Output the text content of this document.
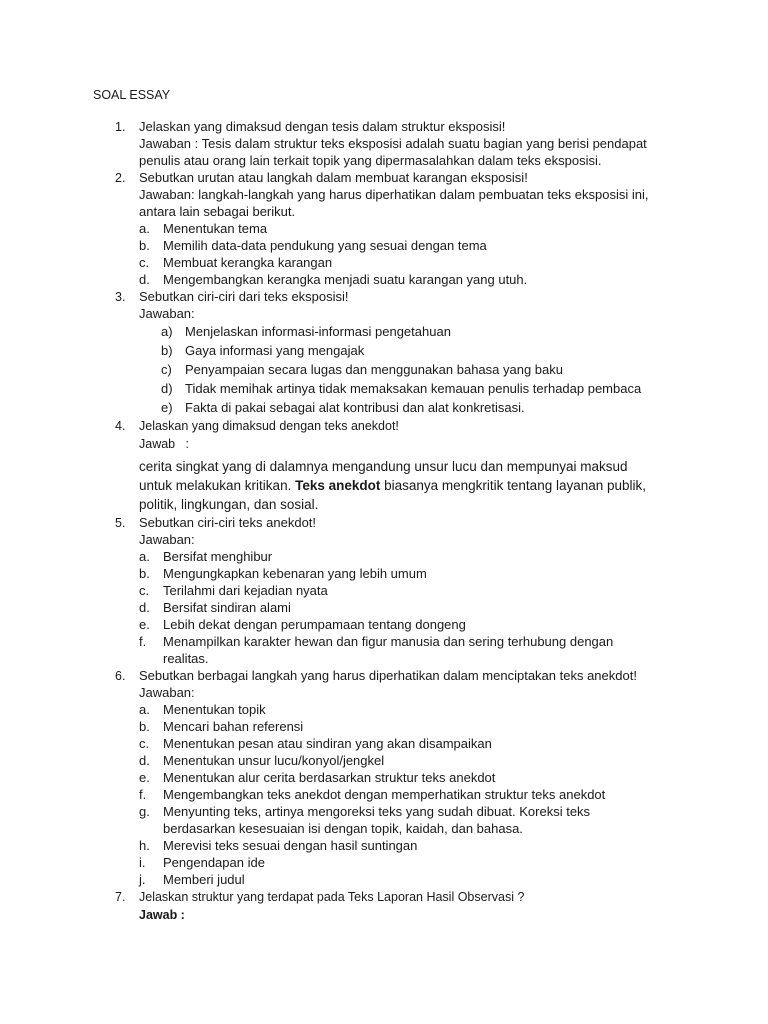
SOAL ESSAY
1. Jelaskan yang dimaksud dengan tesis dalam struktur eksposisi!
Jawaban : Tesis dalam struktur teks eksposisi adalah suatu bagian yang berisi pendapat
penulis atau orang lain terkait topik yang dipermasalahkan dalam teks eksposisi.
2. Sebutkan urutan atau langkah dalam membuat karangan eksposisi!
Jawaban: langkah-langkah yang harus diperhatikan dalam pembuatan teks eksposisi ini,
antara lain sebagai berikut.
a. Menentukan tema
b. Memilih data-data pendukung yang sesuai dengan tema
c. Membuat kerangka karangan
d. Mengembangkan kerangka menjadi suatu karangan yang utuh.
3. Sebutkan ciri-ciri dari teks eksposisi!
Jawaban:
a) Menjelaskan informasi-informasi pengetahuan
b) Gaya informasi yang mengajak
c) Penyampaian secara lugas dan menggunakan bahasa yang baku
d) Tidak memihak artinya tidak memaksakan kemauan penulis terhadap pembaca
e) Fakta di pakai sebagai alat kontribusi dan alat konkretisasi.
4. Jelaskan yang dimaksud dengan teks anekdot!
Jawab   :
cerita singkat yang di dalamnya mengandung unsur lucu dan mempunyai maksud
untuk melakukan kritikan. Teks anekdot biasanya mengkritik tentang layanan publik,
politik, lingkungan, dan sosial.
5. Sebutkan ciri-ciri teks anekdot!
Jawaban:
a. Bersifat menghibur
b. Mengungkapkan kebenaran yang lebih umum
c. Terilahmi dari kejadian nyata
d. Bersifat sindiran alami
e. Lebih dekat dengan perumpamaan tentang dongeng
f. Menampilkan karakter hewan dan figur manusia dan sering terhubung dengan
realitas.
6. Sebutkan berbagai langkah yang harus diperhatikan dalam menciptakan teks anekdot!
Jawaban:
a. Menentukan topik
b. Mencari bahan referensi
c. Menentukan pesan atau sindiran yang akan disampaikan
d. Menentukan unsur lucu/konyol/jengkel
e. Menentukan alur cerita berdasarkan struktur teks anekdot
f. Mengembangkan teks anekdot dengan memperhatikan struktur teks anekdot
g. Menyunting teks, artinya mengoreksi teks yang sudah dibuat. Koreksi teks
berdasarkan kesesuaian isi dengan topik, kaidah, dan bahasa.
h. Merevisi teks sesuai dengan hasil suntingan
i. Pengendapan ide
j. Memberi judul
7. Jelaskan struktur yang terdapat pada Teks Laporan Hasil Observasi ?
Jawab :
